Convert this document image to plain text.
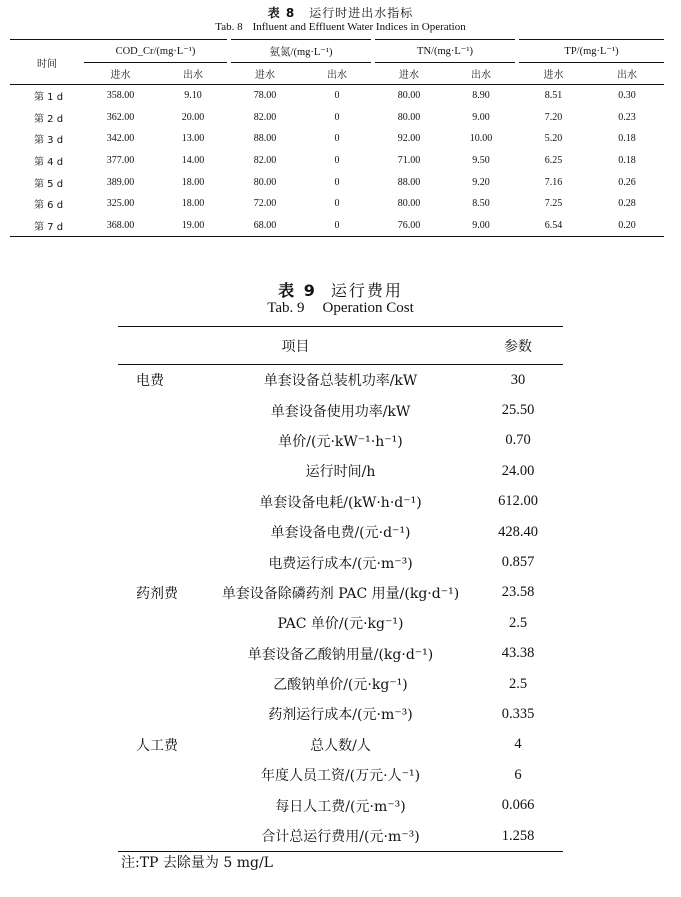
表 8 运行时进出水指标
Tab. 8 Influent and Effluent Water Indices in Operation
时间	COD_Cr/(mg·L⁻¹)		氨氮/(mg·L⁻¹)		TN/(mg·L⁻¹)		TP/(mg·L⁻¹)	
	进水	出水	进水	出水	进水	出水	进水	出水
第 1 d	358.00	9.10	78.00	0	80.00	8.90	8.51	0.30
第 2 d	362.00	20.00	82.00	0	80.00	9.00	7.20	0.23
第 3 d	342.00	13.00	88.00	0	92.00	10.00	5.20	0.18
第 4 d	377.00	14.00	82.00	0	71.00	9.50	6.25	0.18
第 5 d	389.00	18.00	80.00	0	88.00	9.20	7.16	0.26
第 6 d	325.00	18.00	72.00	0	80.00	8.50	7.25	0.28
第 7 d	368.00	19.00	68.00	0	76.00	9.00	6.54	0.20
表 9 运行费用
Tab. 9 Operation Cost
项目		参数
电费	单套设备总装机功率/kW	30
	单套设备使用功率/kW	25.50
	单价/(元·kW⁻¹·h⁻¹)	0.70
	运行时间/h	24.00
	单套设备电耗/(kW·h·d⁻¹)	612.00
	单套设备电费/(元·d⁻¹)	428.40
	电费运行成本/(元·m⁻³)	0.857
药剂费	单套设备除磷药剂 PAC 用量/(kg·d⁻¹)	23.58
	PAC 单价/(元·kg⁻¹)	2.5
	单套设备乙酸钠用量/(kg·d⁻¹)	43.38
	乙酸钠单价/(元·kg⁻¹)	2.5
	药剂运行成本/(元·m⁻³)	0.335
人工费	总人数/人	4
	年度人员工资/(万元·人⁻¹)	6
	每日人工费/(元·m⁻³)	0.066
	合计总运行费用/(元·m⁻³)	1.258
注:TP 去除量为 5 mg/L
